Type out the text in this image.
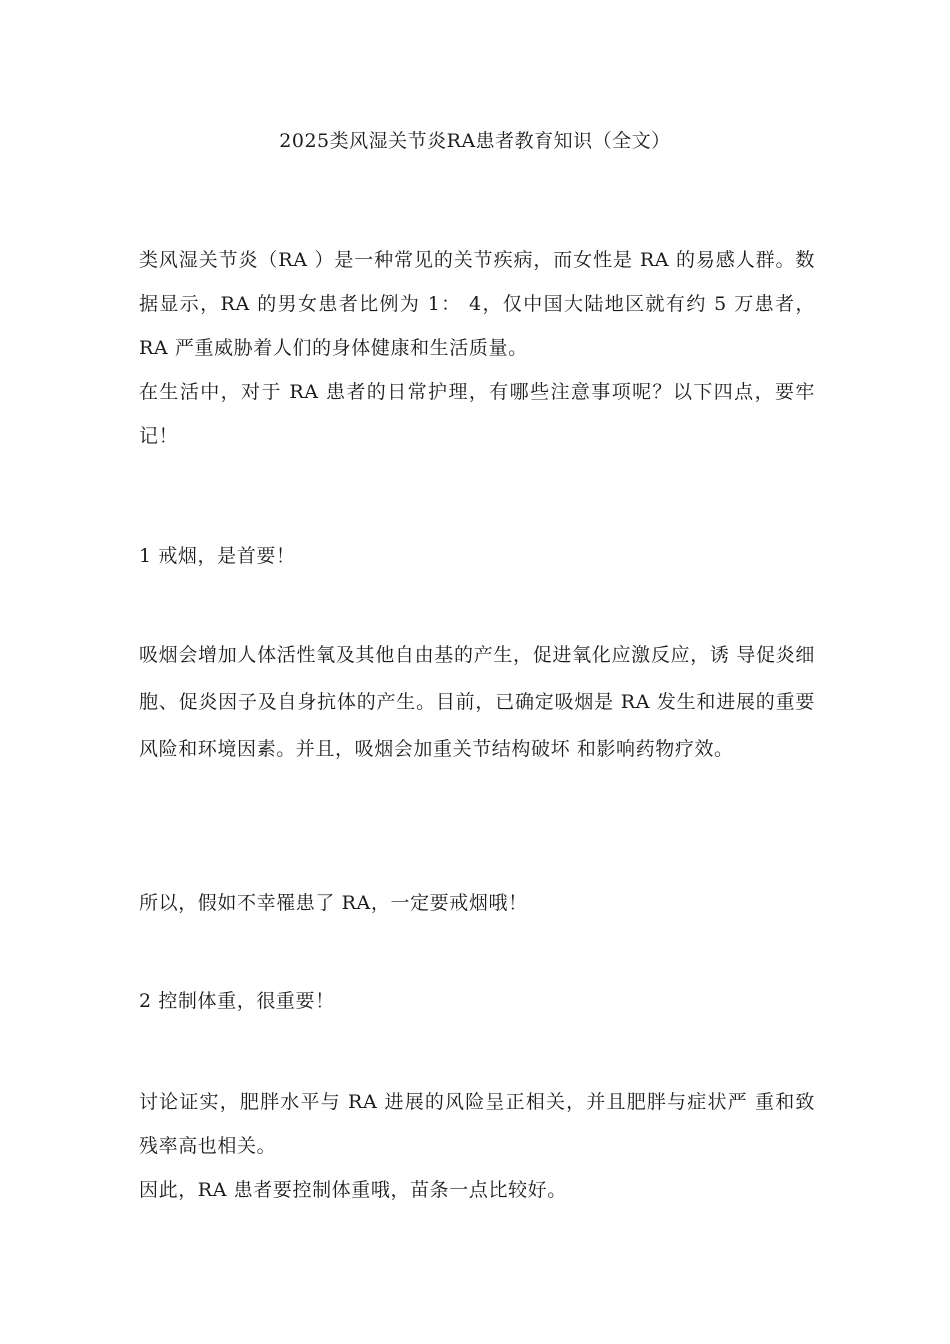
2025类风湿关节炎RA患者教育知识（全文）

类风湿关节炎（RA ）是一种常见的关节疾病，而女性是 RA 的易感人群。数据显示，RA 的男女患者比例为 1： 4，仅中国大陆地区就有约 5 万患者，RA 严重威胁着人们的身体健康和生活质量。

在生活中，对于 RA 患者的日常护理，有哪些注意事项呢？以下四点，要牢记！

1 戒烟，是首要！

吸烟会增加人体活性氧及其他自由基的产生，促进氧化应激反应，诱 导促炎细胞、促炎因子及自身抗体的产生。目前，已确定吸烟是 RA 发生和进展的重要风险和环境因素。并且，吸烟会加重关节结构破坏 和影响药物疗效。

所以，假如不幸罹患了 RA，一定要戒烟哦！

2 控制体重，很重要！

讨论证实，肥胖水平与 RA 进展的风险呈正相关，并且肥胖与症状严 重和致残率高也相关。

因此，RA 患者要控制体重哦，苗条一点比较好。
